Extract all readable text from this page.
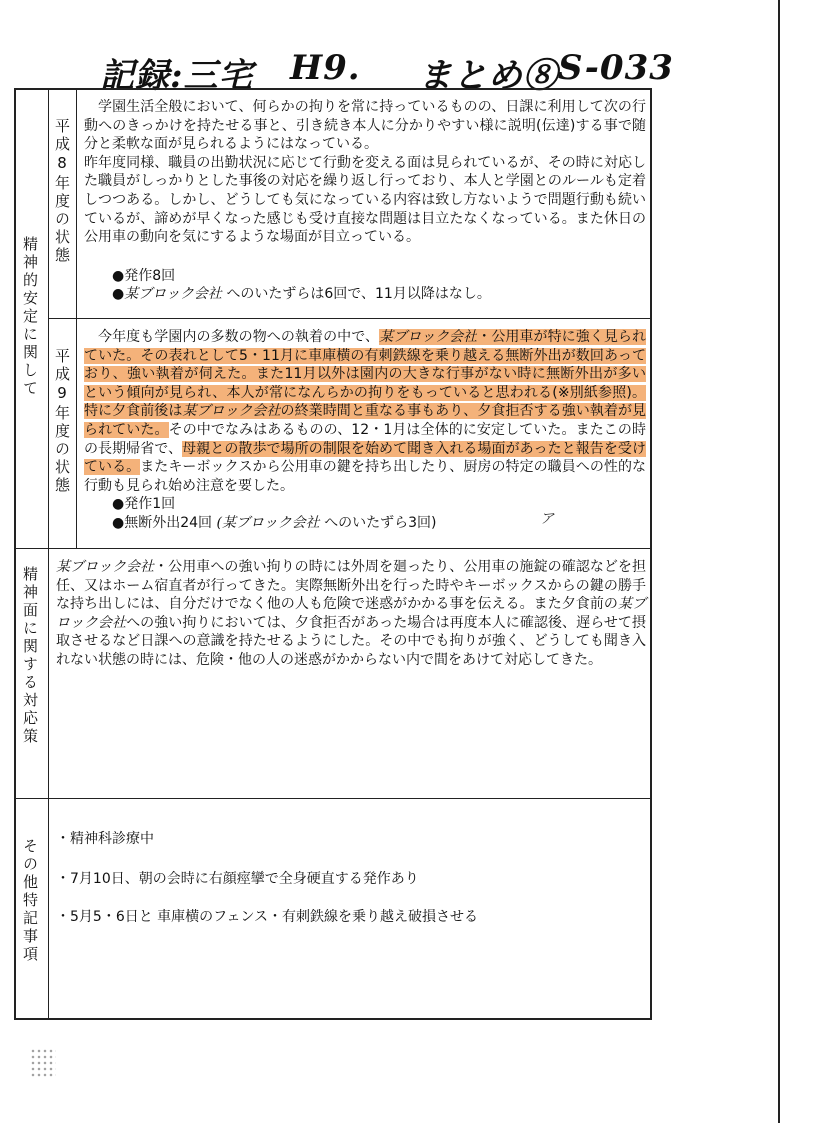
記録:三宅 H9. まとめ⑧ S-033
精神的安定に関して
平成8年度の状態
平成9年度の状態
精神面に関する対応策
その他特記事項

学園生活全般において、何らかの拘りを常に持っているものの、日課に利用して次の行動へのきっかけを持たせる事と、引き続き本人に分かりやすい様に説明(伝達)する事で随分と柔軟な面が見られるようにはなっている。

昨年度同様、職員の出勤状況に応じて行動を変える面は見られているが、その時に対応した職員がしっかりとした事後の対応を繰り返し行っており、本人と学園とのルールも定着しつつある。しかし、どうしても気になっている内容は致し方ないようで問題行動も続いているが、諦めが早くなった感じも受け直接な問題は目立たなくなっている。また休日の公用車の動向を気にするような場面が目立っている。

●発作8回

●某ブロック会社 へのいたずらは6回で、11月以降はなし。

今年度も学園内の多数の物への執着の中で、某ブロック会社・公用車が特に強く見られていた。その表れとして5・11月に車庫横の有刺鉄線を乗り越える無断外出が数回あっており、強い執着が伺えた。また11月以外は園内の大きな行事がない時に無断外出が多いという傾向が見られ、本人が常になんらかの拘りをもっていると思われる(※別紙参照)。特に夕食前後は某ブロック会社の終業時間と重なる事もあり、夕食拒否する強い執着が見られていた。その中でなみはあるものの、12・1月は全体的に安定していた。またこの時の長期帰省で、母親との散歩で場所の制限を始めて聞き入れる場面があったと報告を受けている。またキーボックスから公用車の鍵を持ち出したり、厨房の特定の職員への性的な行動も見られ始め注意を要した。

●発作1回

●無断外出24回 (某ブロック会社 へのいたずら3回)	ア

某ブロック会社・公用車への強い拘りの時には外周を廻ったり、公用車の施錠の確認などを担任、又はホーム宿直者が行ってきた。実際無断外出を行った時やキーボックスからの鍵の勝手な持ち出しには、自分だけでなく他の人も危険で迷惑がかかる事を伝える。また夕食前の某ブロック会社への強い拘りにおいては、夕食拒否があった場合は再度本人に確認後、遅らせて摂取させるなど日課への意識を持たせるようにした。その中でも拘りが強く、どうしても聞き入れない状態の時には、危険・他の人の迷惑がかからない内で間をあけて対応してきた。

・精神科診療中
・7月10日、朝の会時に右顔痙攣で全身硬直する発作あり
・5月5・6日と 車庫横のフェンス・有刺鉄線を乗り越え破損させる
